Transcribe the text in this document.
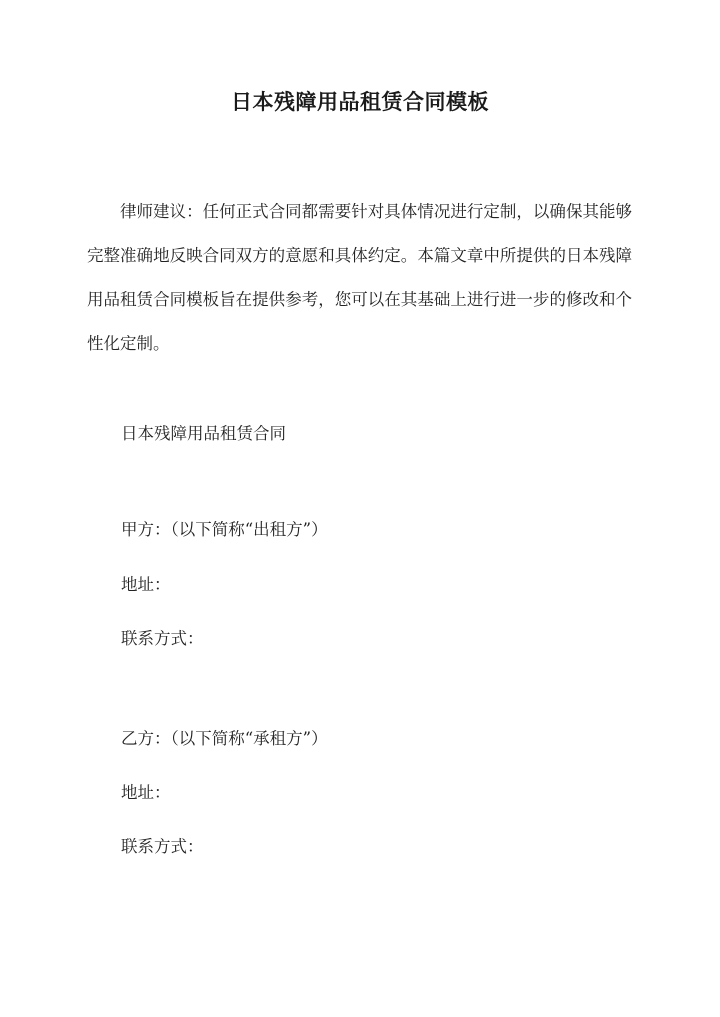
日本残障用品租赁合同模板

律师建议：任何正式合同都需要针对具体情况进行定制，以确保其能够完整准确地反映合同双方的意愿和具体约定。本篇文章中所提供的日本残障用品租赁合同模板旨在提供参考，您可以在其基础上进行进一步的修改和个性化定制。

日本残障用品租赁合同

甲方：（以下简称“出租方”）

地址：

联系方式：

乙方：（以下简称“承租方”）

地址：

联系方式：
